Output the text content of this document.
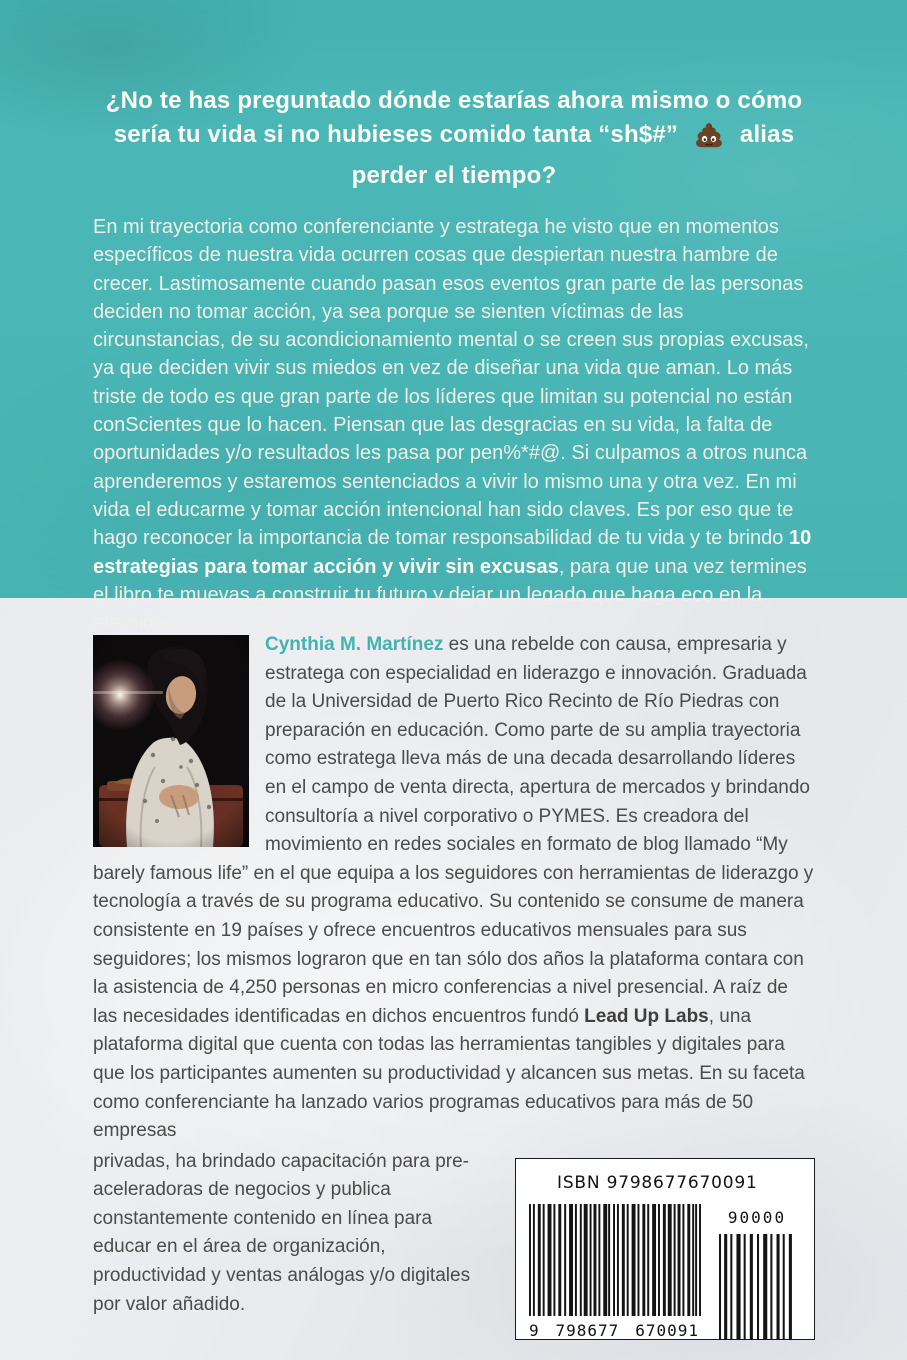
¿No te has preguntado dónde estarías ahora mismo o cómo sería tu vida si no hubieses comido tanta “sh$#”	alias perder el tiempo?
En mi trayectoria como conferenciante y estratega he visto que en momentos específicos de nuestra vida ocurren cosas que despiertan nuestra hambre de crecer. Lastimosamente cuando pasan esos eventos gran parte de las personas deciden no tomar acción, ya sea porque se sienten víctimas de las circunstancias, de su acondicionamiento mental o se creen sus propias excusas, ya que deciden vivir sus miedos en vez de diseñar una vida que aman. Lo más triste de todo es que gran parte de los líderes que limitan su potencial no están conScientes que lo hacen. Piensan que las desgracias en su vida, la falta de oportunidades y/o resultados les pasa por pen%*#@. Si culpamos a otros nunca aprenderemos y estaremos sentenciados a vivir lo mismo una y otra vez. En mi vida el educarme y tomar acción intencional han sido claves. Es por eso que te hago reconocer la importancia de tomar responsabilidad de tu vida y te brindo 10 estrategias para tomar acción y vivir sin excusas, para que una vez termines el libro te muevas a construir tu futuro y dejar un legado que haga eco en la eternidad.
Cynthia M. Martínez es una rebelde con causa, empresaria y estratega con especialidad en liderazgo e innovación. Graduada de la Universidad de Puerto Rico Recinto de Río Piedras con preparación en educación. Como parte de su amplia trayectoria como estratega lleva más de una decada desarrollando líderes en el campo de venta directa, apertura de mercados y brindando consultoría a nivel corporativo o PYMES. Es creadora del movimiento en redes sociales en formato de blog llamado “My barely famous life” en el que equipa a los seguidores con herramientas de liderazgo y tecnología a través de su programa educativo. Su contenido se consume de manera consistente en 19 países y ofrece encuentros educativos mensuales para sus seguidores; los mismos lograron que en tan sólo dos años la plataforma contara con la asistencia de 4,250 personas en micro conferencias a nivel presencial. A raíz de las necesidades identificadas en dichos encuentros fundó Lead Up Labs, una plataforma digital que cuenta con todas las herramientas tangibles y digitales para que los participantes aumenten su productividad y alcancen sus metas. En su faceta como conferenciante ha lanzado varios programas educativos para más de 50 empresas
ISBN 9798677670091
9 798677 670091
90000
privadas, ha brindado capacitación para pre-aceleradoras de negocios y publica constantemente contenido en línea para educar en el área de organización, productividad y ventas análogas y/o digitales por valor añadido.
